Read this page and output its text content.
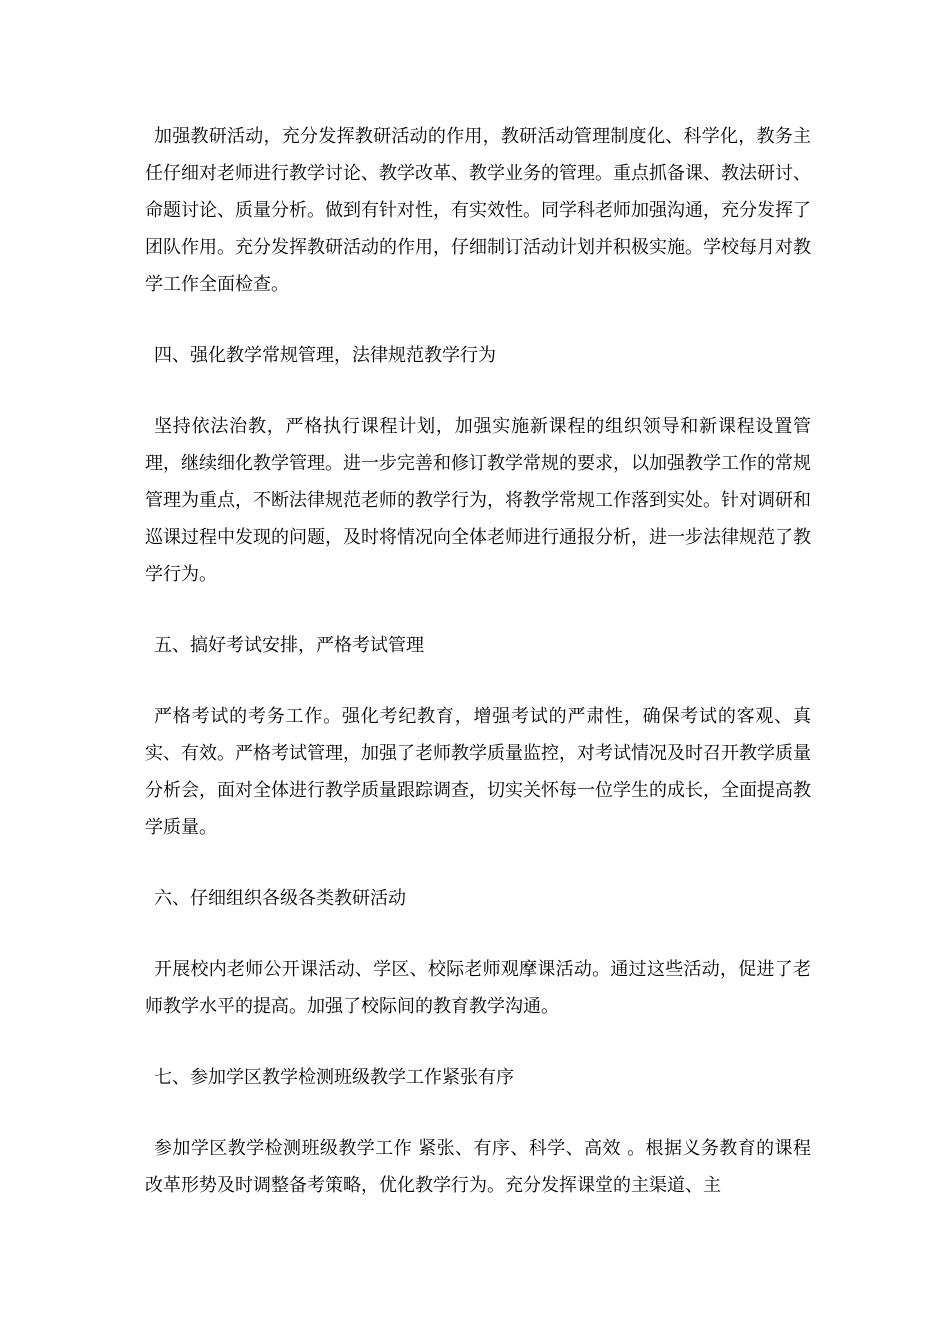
加强教研活动，充分发挥教研活动的作用，教研活动管理制度化、科学化，教务主任仔细对老师进行教学讨论、教学改革、教学业务的管理。重点抓备课、教法研讨、命题讨论、质量分析。做到有针对性，有实效性。同学科老师加强沟通，充分发挥了团队作用。充分发挥教研活动的作用，仔细制订活动计划并积极实施。学校每月对教学工作全面检查。

四、强化教学常规管理，法律规范教学行为

坚持依法治教，严格执行课程计划，加强实施新课程的组织领导和新课程设置管理，继续细化教学管理。进一步完善和修订教学常规的要求，以加强教学工作的常规管理为重点，不断法律规范老师的教学行为，将教学常规工作落到实处。针对调研和巡课过程中发现的问题，及时将情况向全体老师进行通报分析，进一步法律规范了教学行为。

五、搞好考试安排，严格考试管理

严格考试的考务工作。强化考纪教育，增强考试的严肃性，确保考试的客观、真实、有效。严格考试管理，加强了老师教学质量监控，对考试情况及时召开教学质量分析会，面对全体进行教学质量跟踪调查，切实关怀每一位学生的成长，全面提高教学质量。

六、仔细组织各级各类教研活动

开展校内老师公开课活动、学区、校际老师观摩课活动。通过这些活动，促进了老师教学水平的提高。加强了校际间的教育教学沟通。

七、参加学区教学检测班级教学工作紧张有序

参加学区教学检测班级教学工作 紧张、有序、科学、高效 。根据义务教育的课程改革形势及时调整备考策略，优化教学行为。充分发挥课堂的主渠道、主
